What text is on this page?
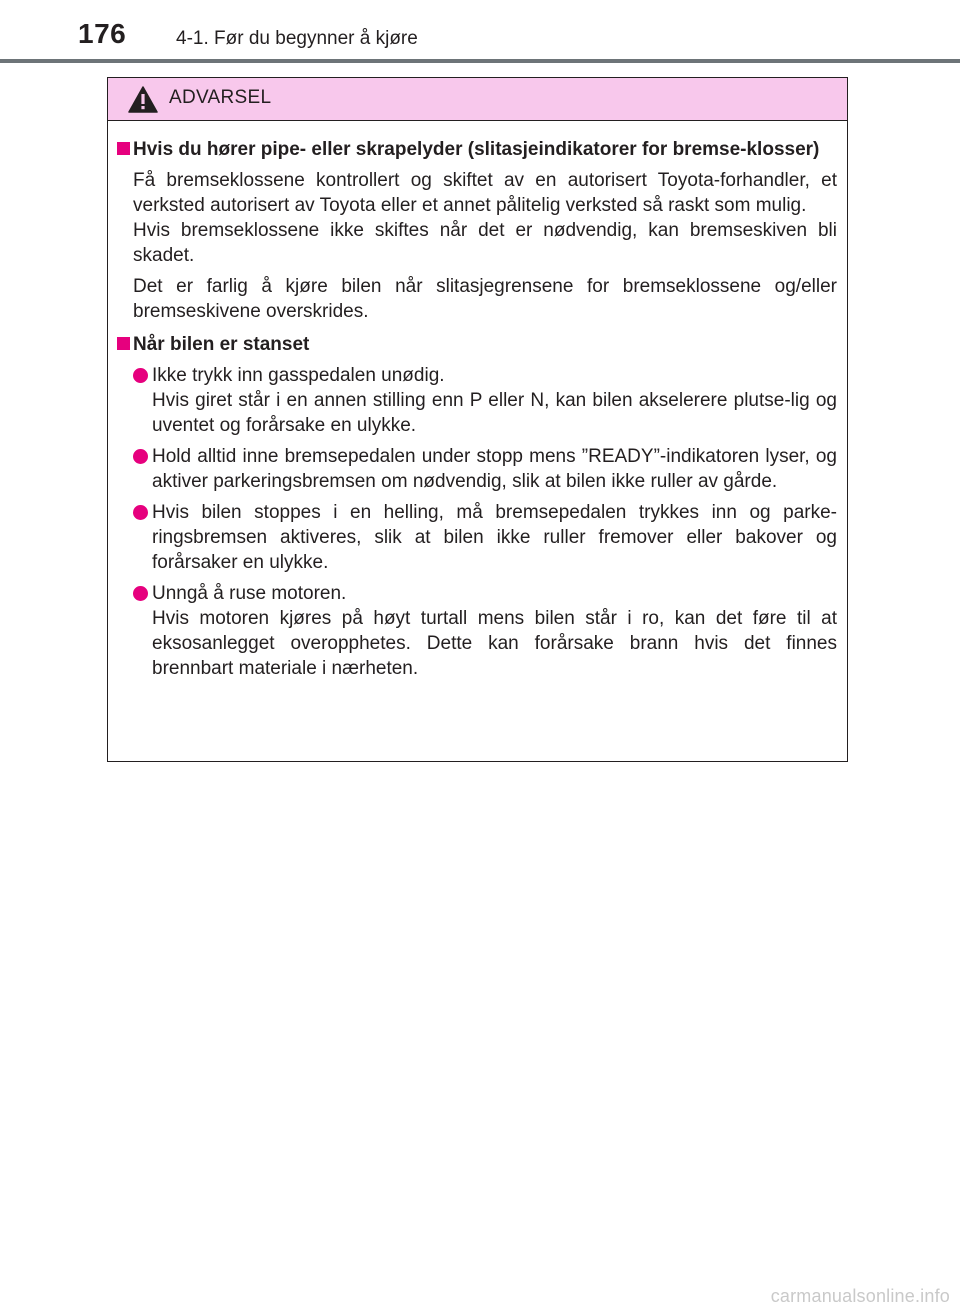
176	4-1. Før du begynner å kjøre
ADVARSEL
Hvis du hører pipe- eller skrapelyder (slitasjeindikatorer for bremse-klosser)
Få bremseklossene kontrollert og skiftet av en autorisert Toyota-forhandler, et verksted autorisert av Toyota eller et annet pålitelig verksted så raskt som mulig.
Hvis bremseklossene ikke skiftes når det er nødvendig, kan bremseskiven bli skadet.
Det er farlig å kjøre bilen når slitasjegrensene for bremseklossene og/eller bremseskivene overskrides.
Når bilen er stanset
Ikke trykk inn gasspedalen unødig.
Hvis giret står i en annen stilling enn P eller N, kan bilen akselerere plutse-lig og uventet og forårsake en ulykke.
Hold alltid inne bremsepedalen under stopp mens ”READY”-indikatoren lyser, og aktiver parkeringsbremsen om nødvendig, slik at bilen ikke ruller av gårde.
Hvis bilen stoppes i en helling, må bremsepedalen trykkes inn og parke-ringsbremsen aktiveres, slik at bilen ikke ruller fremover eller bakover og forårsaker en ulykke.
Unngå å ruse motoren.
Hvis motoren kjøres på høyt turtall mens bilen står i ro, kan det føre til at eksosanlegget overopphetes. Dette kan forårsake brann hvis det finnes brennbart materiale i nærheten.
carmanualsonline.info
